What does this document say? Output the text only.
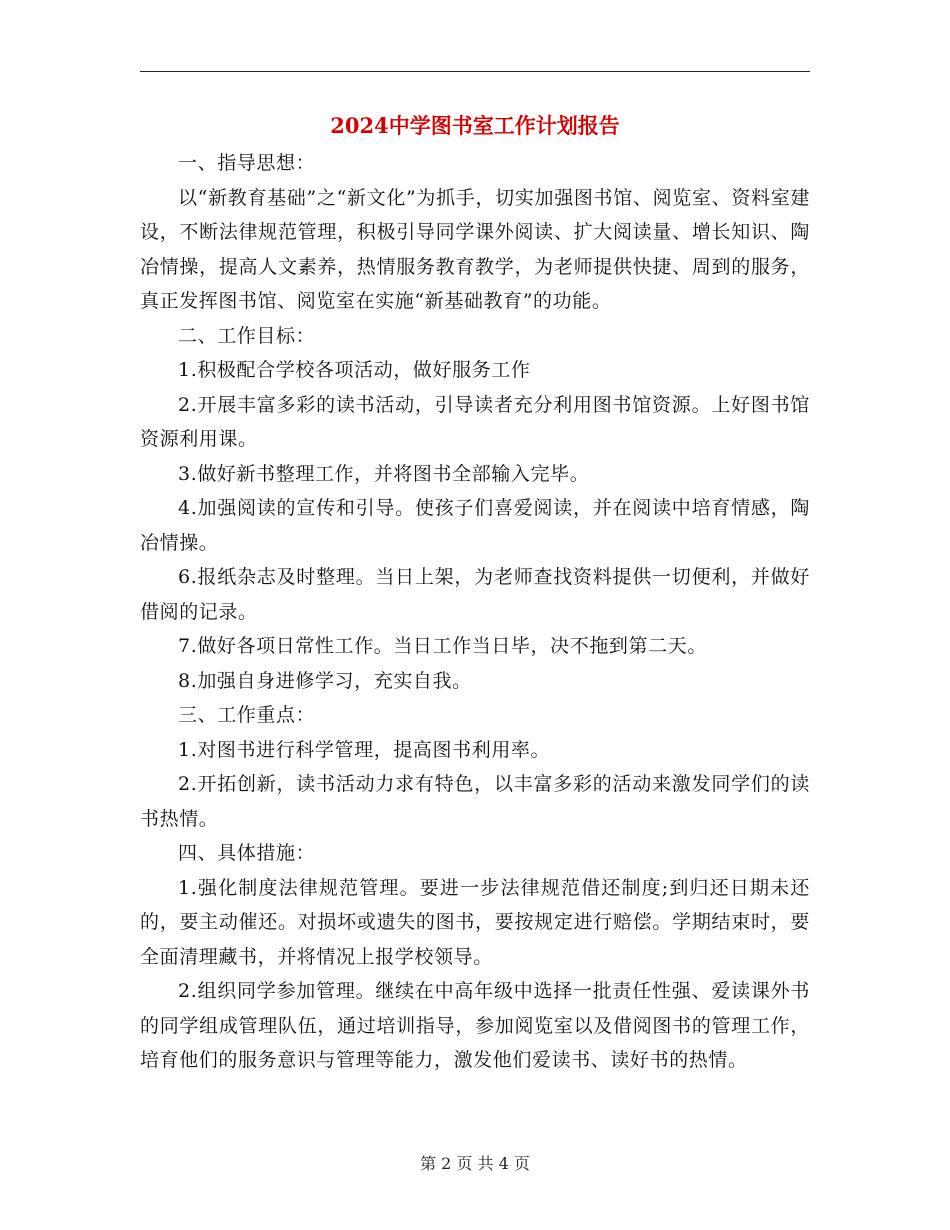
2024中学图书室工作计划报告

一、指导思想：

以“新教育基础”之“新文化”为抓手，切实加强图书馆、阅览室、资料室建设，不断法律规范管理，积极引导同学课外阅读、扩大阅读量、增长知识、陶冶情操，提高人文素养，热情服务教育教学，为老师提供快捷、周到的服务，真正发挥图书馆、阅览室在实施“新基础教育”的功能。

二、工作目标：

1.积极配合学校各项活动，做好服务工作

2.开展丰富多彩的读书活动，引导读者充分利用图书馆资源。上好图书馆资源利用课。

3.做好新书整理工作，并将图书全部输入完毕。

4.加强阅读的宣传和引导。使孩子们喜爱阅读，并在阅读中培育情感，陶冶情操。

6.报纸杂志及时整理。当日上架，为老师查找资料提供一切便利，并做好借阅的记录。

7.做好各项日常性工作。当日工作当日毕，决不拖到第二天。

8.加强自身进修学习，充实自我。

三、工作重点：

1.对图书进行科学管理，提高图书利用率。

2.开拓创新，读书活动力求有特色，以丰富多彩的活动来激发同学们的读书热情。

四、具体措施：

1.强化制度法律规范管理。要进一步法律规范借还制度;到归还日期未还的，要主动催还。对损坏或遗失的图书，要按规定进行赔偿。学期结束时，要全面清理藏书，并将情况上报学校领导。

2.组织同学参加管理。继续在中高年级中选择一批责任性强、爱读课外书的同学组成管理队伍，通过培训指导，参加阅览室以及借阅图书的管理工作，培育他们的服务意识与管理等能力，激发他们爱读书、读好书的热情。

第 2 页 共 4 页
